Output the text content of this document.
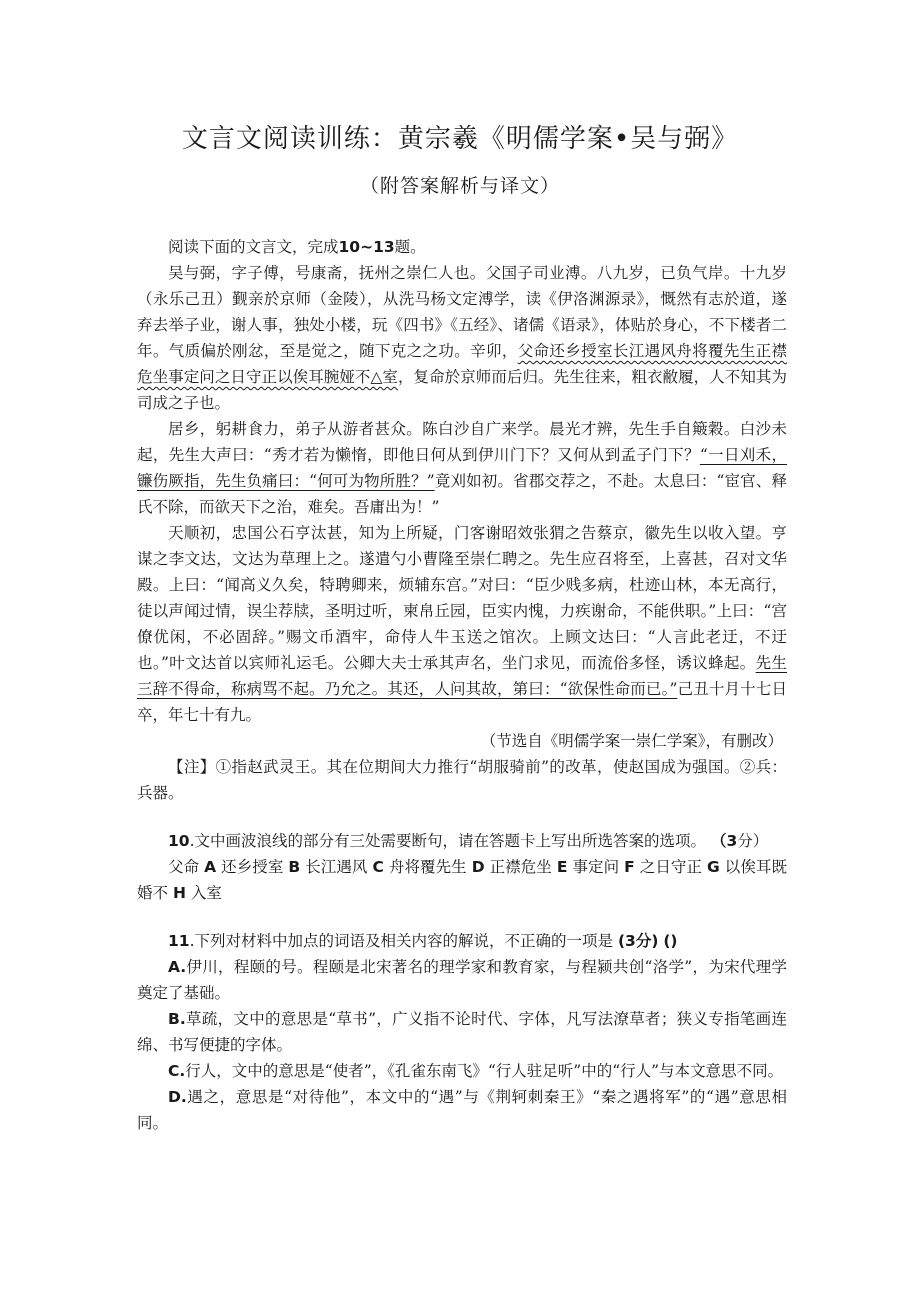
文言文阅读训练：黄宗羲《明儒学案•吴与弼》
（附答案解析与译文）

阅读下面的文言文，完成10~13题。

吴与弼，字子傅，号康斋，抚州之崇仁人也。父国子司业溥。八九岁，已负气岸。十九岁（永乐己丑）觐亲於京师（金陵），从洗马杨文定溥学，读《伊洛渊源录》，慨然有志於道，遂弃去举子业，谢人事，独处小楼，玩《四书》《五经》、诸儒《语录》，体贴於身心，不下楼者二年。气质偏於刚忿，至是觉之，随下克之之功。辛卯，父命还乡授室长江遇风舟将覆先生正襟危坐事定问之日守正以俟耳腕娅不△室，复命於京师而后归。先生往来，粗衣敝履，人不知其为司成之子也。

居乡，躬耕食力，弟子从游者甚众。陈白沙自广来学。晨光才辨，先生手自簸穀。白沙未起，先生大声曰：“秀才若为懒惰，即他日何从到伊川门下？又何从到孟子门下？“一日刈禾，镰伤厥指，先生负痛曰：“何可为物所胜？”竟刈如初。省郡交荐之，不赴。太息曰：“宦官、释氏不除，而欲天下之治，难矣。吾庸出为！”

天顺初，忠国公石亨汰甚，知为上所疑，门客谢昭效张猬之告蔡京，徽先生以收入望。亨谋之李文达，文达为草理上之。遂遣勺小曹隆至崇仁聘之。先生应召将至，上喜甚，召对文华殿。上曰：“闻高义久矣，特聘卿来，烦辅东宫。”对曰：“臣少贱多病，杜迹山林，本无高行，徒以声闻过情，误尘荐牍，圣明过听，柬帛丘园，臣实内愧，力疾谢命，不能供职。”上曰：“宫僚优闲，不必固辞。”赐文币酒牢，命侍人牛玉送之馆次。上顾文达曰：“人言此老迂，不迂也。”叶文达首以宾师礼运毛。公卿大夫士承其声名，坐门求见，而流俗多怪，诱议蜂起。先生三辞不得命，称病骂不起。乃允之。其还，人问其故，第曰：“欲保性命而已。”己丑十月十七日卒，年七十有九。

（节选自《明儒学案一崇仁学案》，有删改）

【注】①指赵武灵王。其在位期间大力推行“胡服骑前”的改革，使赵国成为强国。②兵：兵器。

10.文中画波浪线的部分有三处需要断句，请在答题卡上写出所选答案的选项。 （3分）

父命 A 还乡授室 B 长江遇风 C 舟将覆先生 D 正襟危坐 E 事定问 F 之日守正 G 以俟耳既婚不 H 入室

11.下列对材料中加点的词语及相关内容的解说，不正确的一项是 (3分) ()

A.伊川，程颐的号。程颐是北宋著名的理学家和教育家，与程颍共创“洛学”，为宋代理学奠定了基础。

B.草疏，文中的意思是“草书”，广义指不论时代、字体，凡写法潦草者；狭义专指笔画连绵、书写便捷的字体。

C.行人，文中的意思是“使者”，《孔雀东南飞》“行人驻足听”中的“行人”与本文意思不同。

D.遇之，意思是“对待他”，本文中的“遇”与《荆轲刺秦王》“秦之遇将军”的“遇”意思相同。
